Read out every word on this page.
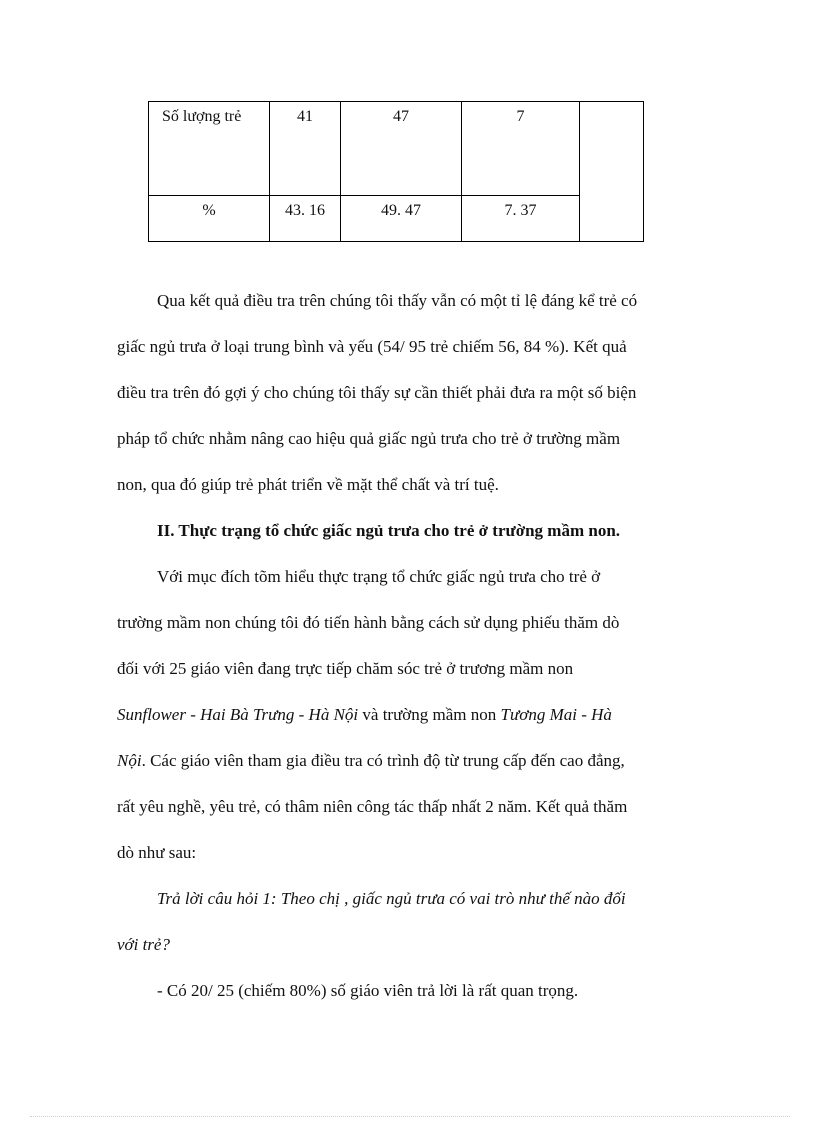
Số lượng trẻ	41	47	7	
%	43. 16	49. 47	7. 37	

Qua kết quả điều tra trên chúng tôi thấy vẫn có một tỉ lệ đáng kể trẻ có
giấc ngủ trưa ở loại trung bình và yếu (54/ 95 trẻ chiếm 56, 84 %). Kết quả
điều tra trên đó gợi ý cho chúng tôi thấy sự cần thiết phải đưa ra một số biện
pháp tổ chức nhằm nâng cao hiệu quả giấc ngủ trưa cho trẻ ở trường mầm
non, qua đó giúp trẻ phát triển về mặt thể chất và trí tuệ.

II. Thực trạng tổ chức giấc ngủ trưa cho trẻ ở trường mầm non.

Với mục đích tõm hiểu thực trạng tổ chức giấc ngủ trưa cho trẻ ở
trường mầm non chúng tôi đó tiến hành bằng cách sử dụng phiếu thăm dò
đối với 25 giáo viên đang trực tiếp chăm sóc trẻ ở trương mầm non
Sunflower - Hai Bà Trưng - Hà Nội và trường mầm non Tương Mai - Hà
Nội. Các giáo viên tham gia điều tra có trình độ từ trung cấp đến cao đẳng,
rất yêu nghề, yêu trẻ, có thâm niên công tác thấp nhất 2 năm. Kết quả thăm
dò như sau:

Trả lời câu hỏi 1: Theo chị , giấc ngủ trưa có vai trò như thế nào đối
với trẻ?

- Có 20/ 25 (chiếm 80%) số giáo viên trả lời là rất quan trọng.
